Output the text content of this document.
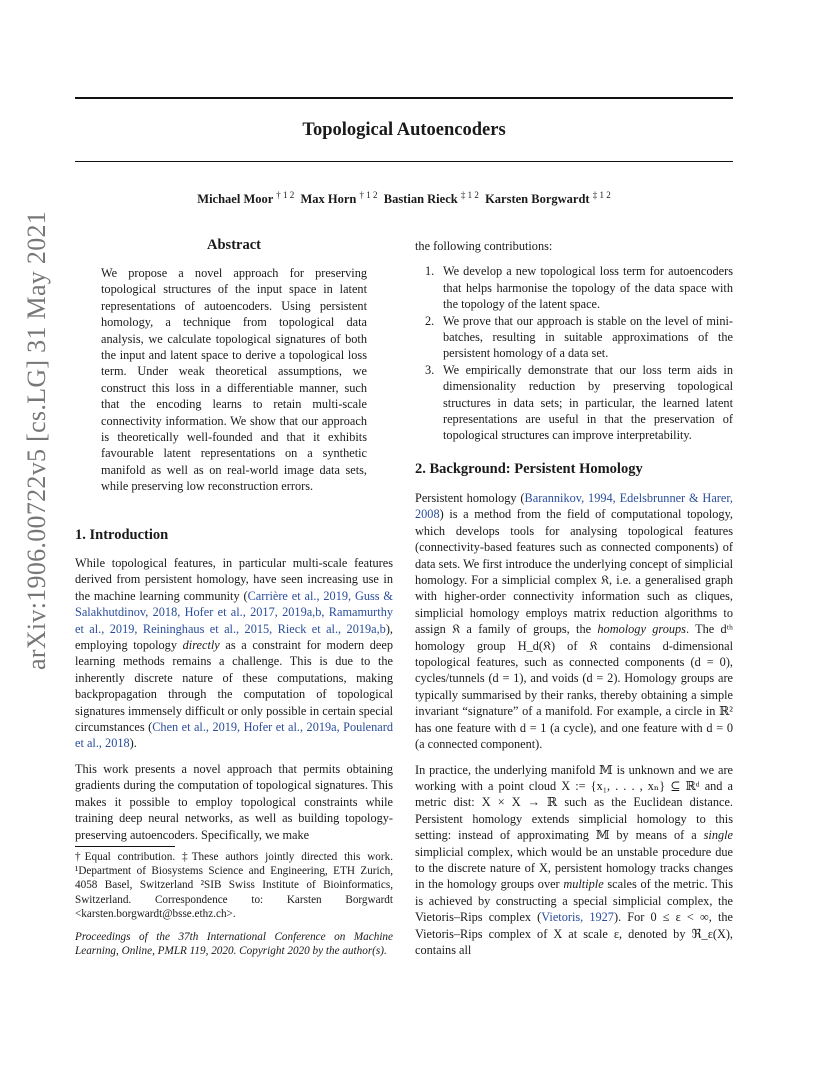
arXiv:1906.00722v5 [cs.LG] 31 May 2021
Topological Autoencoders
Michael Moor $^{\dagger 1 2}$ Max Horn $^{\dagger 1 2}$ Bastian Rieck $^{\ddagger 1 2}$ Karsten Borgwardt $^{\ddagger 1 2}$
Abstract

We propose a novel approach for preserving topological structures of the input space in latent representations of autoencoders. Using persistent homology, a technique from topological data analysis, we calculate topological signatures of both the input and latent space to derive a topological loss term. Under weak theoretical assumptions, we construct this loss in a differentiable manner, such that the encoding learns to retain multi-scale connectivity information. We show that our approach is theoretically well-founded and that it exhibits favourable latent representations on a synthetic manifold as well as on real-world image data sets, while preserving low reconstruction errors.

1. Introduction

While topological features, in particular multi-scale features derived from persistent homology, have seen increasing use in the machine learning community (Carrière et al., 2019, Guss & Salakhutdinov, 2018, Hofer et al., 2017, 2019a,b, Ramamurthy et al., 2019, Reininghaus et al., 2015, Rieck et al., 2019a,b), employing topology directly as a constraint for modern deep learning methods remains a challenge. This is due to the inherently discrete nature of these computations, making backpropagation through the computation of topological signatures immensely difficult or only possible in certain special circumstances (Chen et al., 2019, Hofer et al., 2019a, Poulenard et al., 2018).

This work presents a novel approach that permits obtaining gradients during the computation of topological signatures. This makes it possible to employ topological constraints while training deep neural networks, as well as building topology-preserving autoencoders. Specifically, we make

†Equal contribution. ‡These authors jointly directed this work. ¹Department of Biosystems Science and Engineering, ETH Zurich, 4058 Basel, Switzerland ²SIB Swiss Institute of Bioinformatics, Switzerland. Correspondence to: Karsten Borgwardt <karsten.borgwardt@bsse.ethz.ch>.

Proceedings of the 37th International Conference on Machine Learning, Online, PMLR 119, 2020. Copyright 2020 by the author(s).

the following contributions:

1. We develop a new topological loss term for autoencoders that helps harmonise the topology of the data space with the topology of the latent space.
2. We prove that our approach is stable on the level of mini-batches, resulting in suitable approximations of the persistent homology of a data set.
3. We empirically demonstrate that our loss term aids in dimensionality reduction by preserving topological structures in data sets; in particular, the learned latent representations are useful in that the preservation of topological structures can improve interpretability.
2. Background: Persistent Homology

Persistent homology (Barannikov, 1994, Edelsbrunner & Harer, 2008) is a method from the field of computational topology, which develops tools for analysing topological features (connectivity-based features such as connected components) of data sets. We first introduce the underlying concept of simplicial homology. For a simplicial complex 𝔎, i.e. a generalised graph with higher-order connectivity information such as cliques, simplicial homology employs matrix reduction algorithms to assign 𝔎 a family of groups, the homology groups. The dᵗʰ homology group H_d(𝔎) of 𝔎 contains d-dimensional topological features, such as connected components (d = 0), cycles/tunnels (d = 1), and voids (d = 2). Homology groups are typically summarised by their ranks, thereby obtaining a simple invariant “signature” of a manifold. For example, a circle in ℝ² has one feature with d = 1 (a cycle), and one feature with d = 0 (a connected component).

In practice, the underlying manifold 𝕄 is unknown and we are working with a point cloud X := {x₁, . . . , xₙ} ⊆ ℝᵈ and a metric dist: X × X → ℝ such as the Euclidean distance. Persistent homology extends simplicial homology to this setting: instead of approximating 𝕄 by means of a single simplicial complex, which would be an unstable procedure due to the discrete nature of X, persistent homology tracks changes in the homology groups over multiple scales of the metric. This is achieved by constructing a special simplicial complex, the Vietoris–Rips complex (Vietoris, 1927). For 0 ≤ ε < ∞, the Vietoris–Rips complex of X at scale ε, denoted by ℜ_ε(X), contains all
